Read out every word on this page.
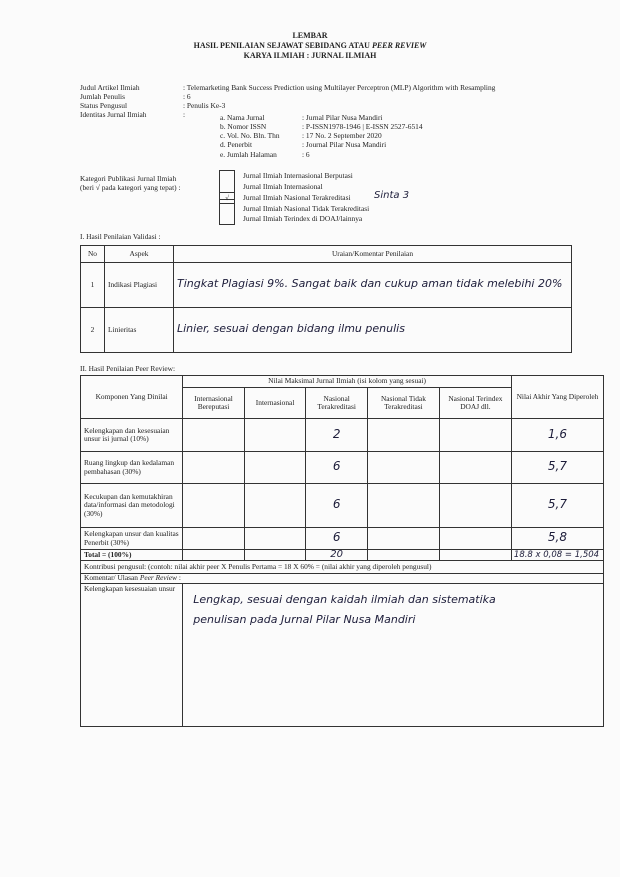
LEMBAR
HASIL PENILAIAN SEJAWAT SEBIDANG ATAU PEER REVIEW
KARYA ILMIAH : JURNAL ILMIAH
Judul Artikel Ilmiah	: Telemarketing Bank Success Prediction using Multilayer Perceptron (MLP) Algorithm with Resampling
Jumlah Penulis	: 6
Status Pengusul	: Penulis Ke-3
Identitas Jurnal Ilmiah	:	a. Nama Jurnal	: Jurnal Pilar Nusa Mandiri
b. Nomor ISSN	: P-ISSN1978-1946 | E-ISSN 2527-6514
c. Vol. No. Bln. Thn	: 17 No. 2 September 2020
d. Penerbit	: Journal Pilar Nusa Mandiri
e. Jumlah Halaman	: 6
Kategori Publikasi Jurnal Ilmiah
(beri √ pada kategori yang tepat) :
√
Jurnal Ilmiah Internasional Berputasi
Jurnal Ilmiah Internasional
Jurnal Ilmiah Nasional Terakreditasi Sinta 3
Jurnal Ilmiah Nasional Tidak Terakreditasi
Jurnal Ilmiah Terindex di DOAJ/lainnya
I. Hasil Penilaian Validasi :
No	Aspek	Uraian/Komentar Penilaian
1	Indikasi Plagiasi	Tingkat Plagiasi 9%. Sangat baik dan cukup aman tidak melebihi 20%
2	Linieritas	Linier, sesuai dengan bidang ilmu penulis
II. Hasil Penilaian Peer Review:
Komponen Yang Dinilai	Nilai Maksimal Jurnal Ilmiah (isi kolom yang sesuai)					Nilai Akhir Yang Diperoleh
	Internasional Bereputasi	Internasional	Nasional Terakreditasi	Nasional Tidak Terakreditasi	Nasional Terindex DOAJ dll.	
Kelengkapan dan kesesuaian unsur isi jurnal (10%)			2			1,6
Ruang lingkup dan kedalaman pembahasan (30%)			6			5,7
Kecukupan dan kemutakhiran data/informasi dan metodologi (30%)			6			5,7
Kelengkapan unsur dan kualitas Penerbit (30%)			6			5,8
Total = (100%)			20			18.8 x 0,08 = 1,504
Kontribusi pengusul: (contoh: nilai akhir peer X Penulis Pertama = 18 X 60% = (nilai akhir yang diperoleh pengusul)						
Komentar/ Ulasan Peer Review :						
Kelengkapan kesesuaian unsur	Lengkap, sesuai dengan kaidah ilmiah dan sistematika
penulisan pada Jurnal Pilar Nusa Mandiri					
